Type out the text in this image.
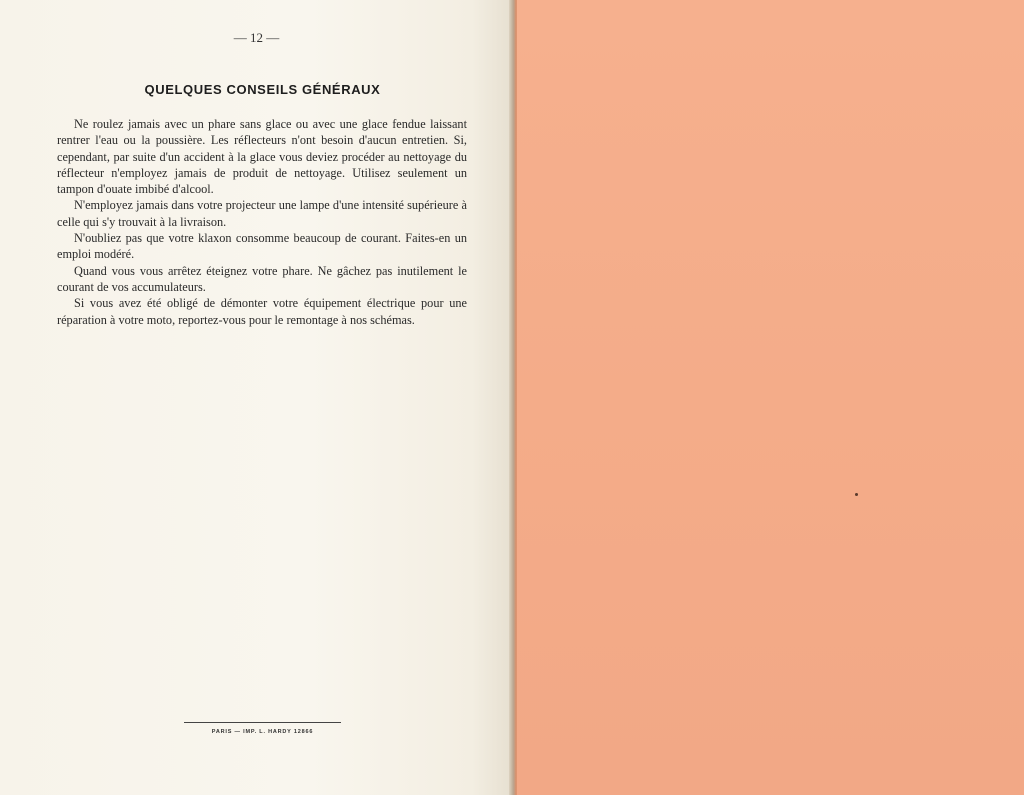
— 12 —
QUELQUES CONSEILS GÉNÉRAUX

Ne roulez jamais avec un phare sans glace ou avec une glace fendue laissant rentrer l'eau ou la poussière. Les réflecteurs n'ont besoin d'aucun entretien. Si, cependant, par suite d'un accident à la glace vous deviez procéder au nettoyage du réflecteur n'employez jamais de produit de nettoyage. Utilisez seulement un tampon d'ouate imbibé d'alcool.

N'employez jamais dans votre projecteur une lampe d'une intensité supérieure à celle qui s'y trouvait à la livraison.

N'oubliez pas que votre klaxon consomme beaucoup de courant. Faites-en un emploi modéré.

Quand vous vous arrêtez éteignez votre phare. Ne gâchez pas inutilement le courant de vos accumulateurs.

Si vous avez été obligé de démonter votre équipement électrique pour une réparation à votre moto, reportez-vous pour le remontage à nos schémas.

PARIS — IMP. L. HARDY 12866
